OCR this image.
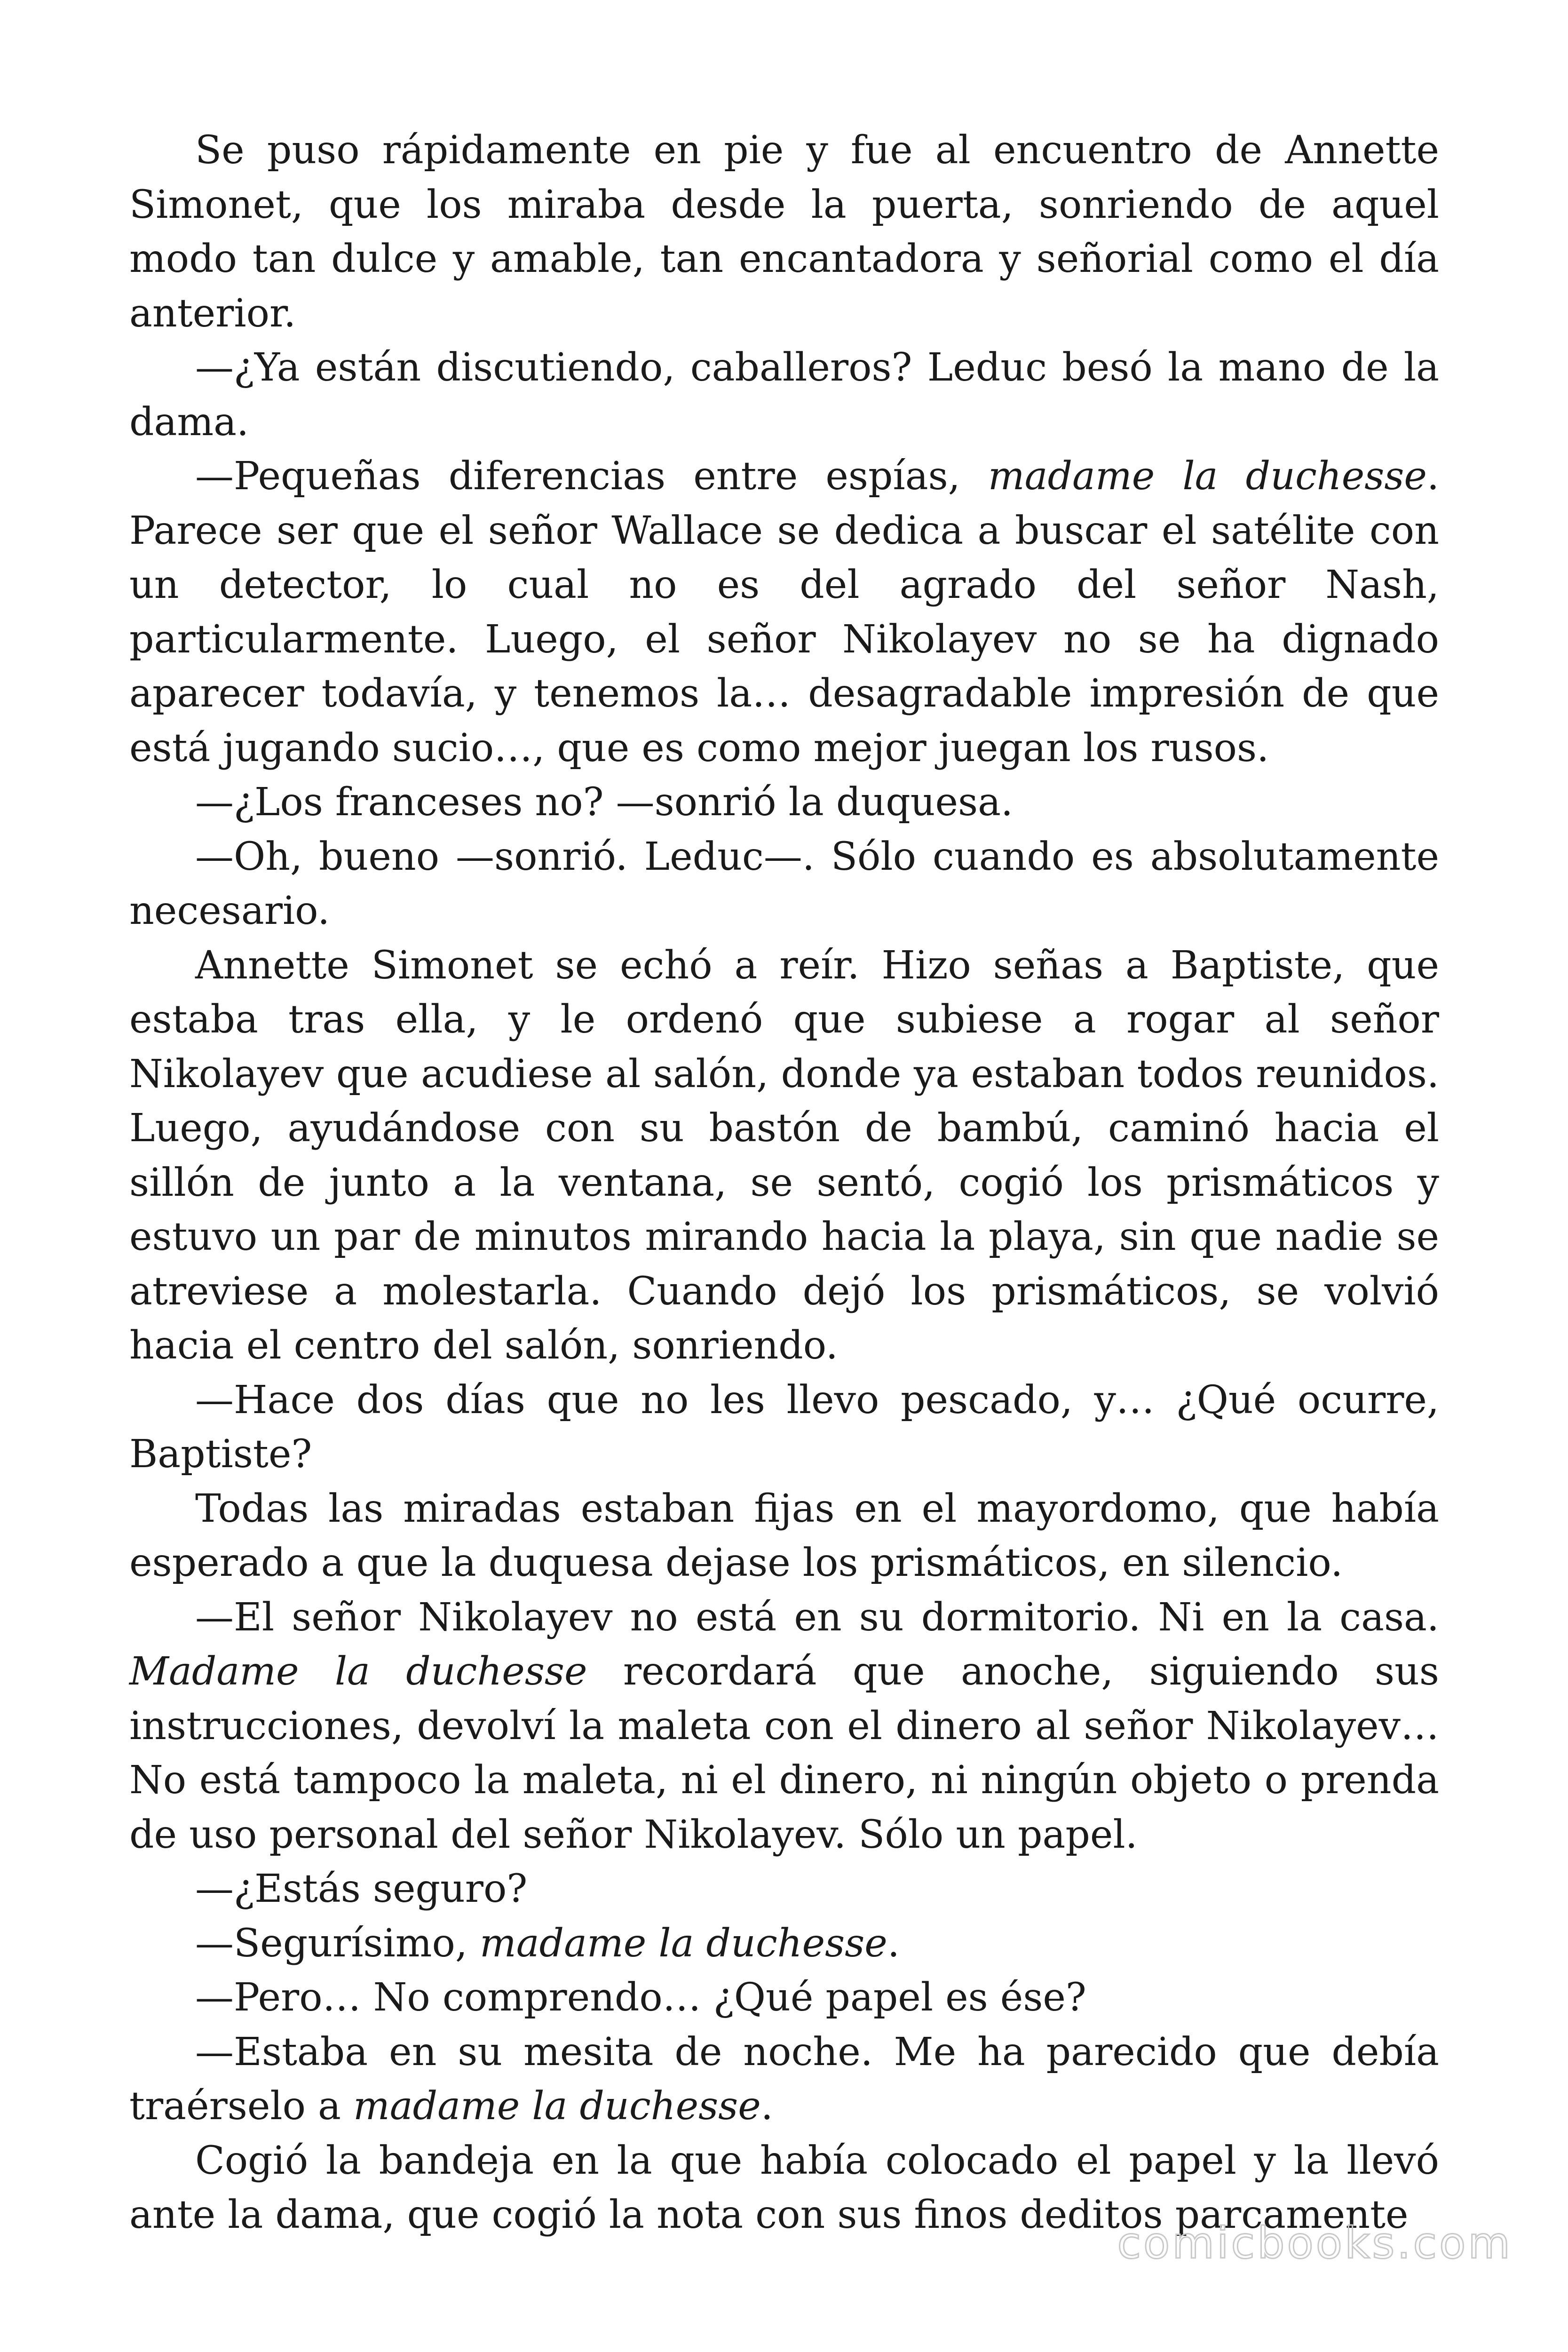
Se puso rápidamente en pie y fue al encuentro de Annette Simonet, que los miraba desde la puerta, sonriendo de aquel modo tan dulce y amable, tan encantadora y señorial como el día anterior.

—¿Ya están discutiendo, caballeros? Leduc besó la mano de la dama.

—Pequeñas diferencias entre espías, madame la duchesse. Parece ser que el señor Wallace se dedica a buscar el satélite con un detector, lo cual no es del agrado del señor Nash, particularmente. Luego, el señor Nikolayev no se ha dignado aparecer todavía, y tenemos la… desagradable impresión de que está jugando sucio…, que es como mejor juegan los rusos.

—¿Los franceses no? —sonrió la duquesa.

—Oh, bueno —sonrió. Leduc—. Sólo cuando es absolutamente necesario.

Annette Simonet se echó a reír. Hizo señas a Baptiste, que estaba tras ella, y le ordenó que subiese a rogar al señor Nikolayev que acudiese al salón, donde ya estaban todos reunidos. Luego, ayudándose con su bastón de bambú, caminó hacia el sillón de junto a la ventana, se sentó, cogió los prismáticos y estuvo un par de minutos mirando hacia la playa, sin que nadie se atreviese a molestarla. Cuando dejó los prismáticos, se volvió hacia el centro del salón, sonriendo.

—Hace dos días que no les llevo pescado, y… ¿Qué ocurre, Baptiste?

Todas las miradas estaban fijas en el mayordomo, que había esperado a que la duquesa dejase los prismáticos, en silencio.

—El señor Nikolayev no está en su dormitorio. Ni en la casa. Madame la duchesse recordará que anoche, siguiendo sus instrucciones, devolví la maleta con el dinero al señor Nikolayev… No está tampoco la maleta, ni el dinero, ni ningún objeto o prenda de uso personal del señor Nikolayev. Sólo un papel.

—¿Estás seguro?

—Segurísimo, madame la duchesse.

—Pero… No comprendo… ¿Qué papel es ése?

—Estaba en su mesita de noche. Me ha parecido que debía traérselo a madame la duchesse.

Cogió la bandeja en la que había colocado el papel y la llevó ante la dama, que cogió la nota con sus finos deditos parcamente

comicbooks.com
